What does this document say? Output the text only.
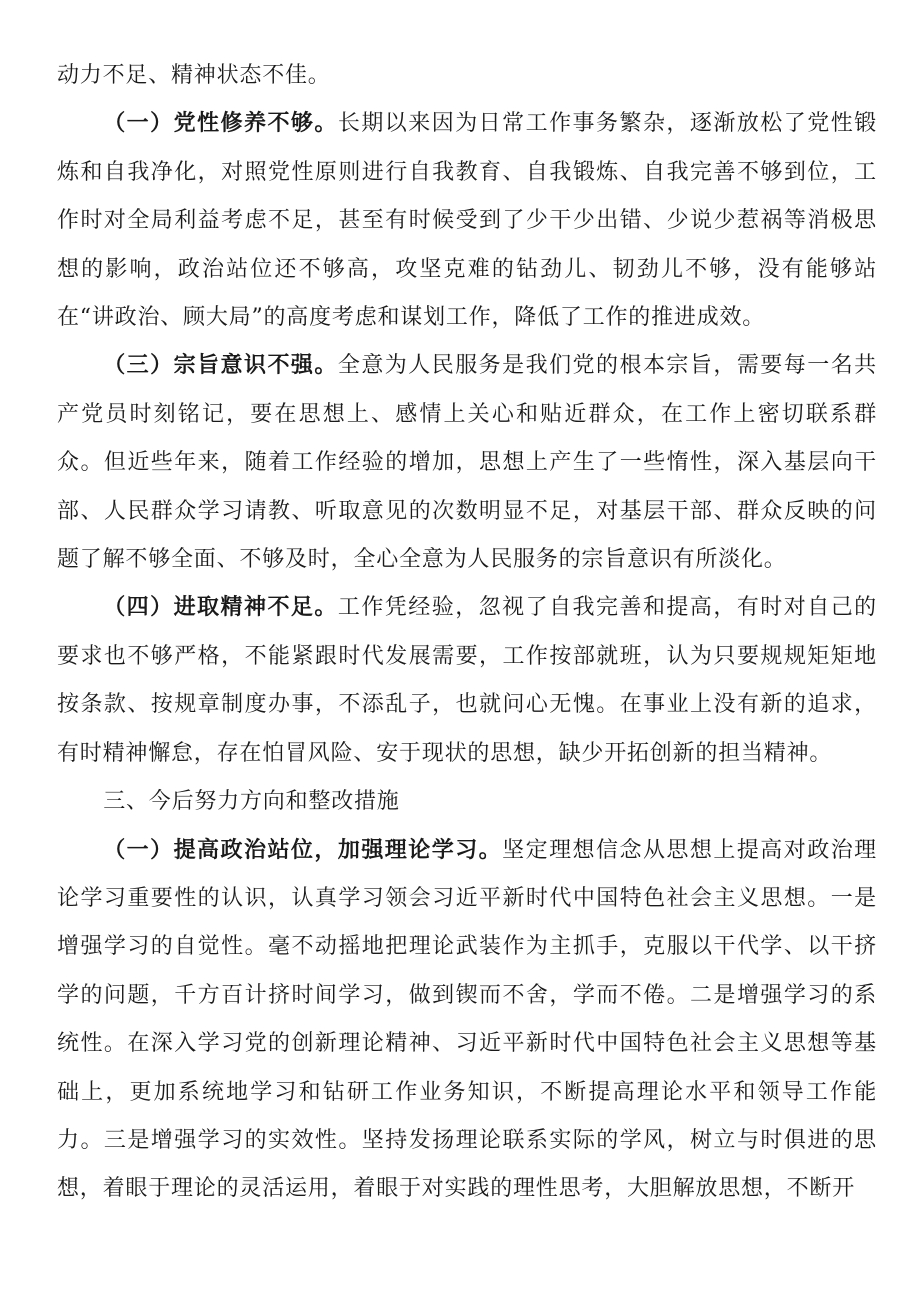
动力不足、精神状态不佳。

（一）党性修养不够。长期以来因为日常工作事务繁杂，逐渐放松了党性锻炼和自我净化，对照党性原则进行自我教育、自我锻炼、自我完善不够到位，工作时对全局利益考虑不足，甚至有时候受到了少干少出错、少说少惹祸等消极思想的影响，政治站位还不够高，攻坚克难的钻劲儿、韧劲儿不够，没有能够站在“讲政治、顾大局”的高度考虑和谋划工作，降低了工作的推进成效。

（三）宗旨意识不强。全意为人民服务是我们党的根本宗旨，需要每一名共产党员时刻铭记，要在思想上、感情上关心和贴近群众，在工作上密切联系群众。但近些年来，随着工作经验的增加，思想上产生了一些惰性，深入基层向干部、人民群众学习请教、听取意见的次数明显不足，对基层干部、群众反映的问题了解不够全面、不够及时，全心全意为人民服务的宗旨意识有所淡化。

（四）进取精神不足。工作凭经验，忽视了自我完善和提高，有时对自己的要求也不够严格，不能紧跟时代发展需要，工作按部就班，认为只要规规矩矩地按条款、按规章制度办事，不添乱子，也就问心无愧。在事业上没有新的追求，有时精神懈怠，存在怕冒风险、安于现状的思想，缺少开拓创新的担当精神。

三、今后努力方向和整改措施

（一）提高政治站位，加强理论学习。坚定理想信念从思想上提高对政治理论学习重要性的认识，认真学习领会习近平新时代中国特色社会主义思想。一是增强学习的自觉性。毫不动摇地把理论武装作为主抓手，克服以干代学、以干挤学的问题，千方百计挤时间学习，做到锲而不舍，学而不倦。二是增强学习的系统性。在深入学习党的创新理论精神、习近平新时代中国特色社会主义思想等基础上，更加系统地学习和钻研工作业务知识，不断提高理论水平和领导工作能力。三是增强学习的实效性。坚持发扬理论联系实际的学风，树立与时俱进的思想，着眼于理论的灵活运用，着眼于对实践的理性思考，大胆解放思想，不断开
